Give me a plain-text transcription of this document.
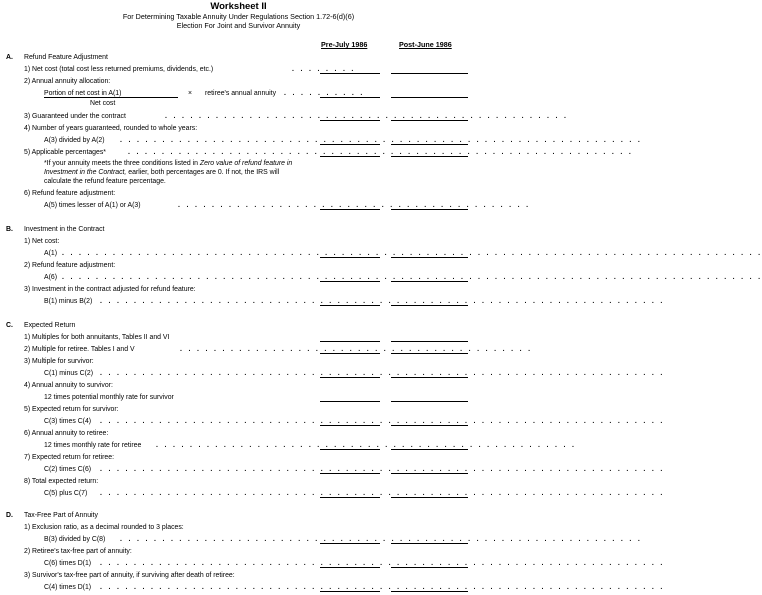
Worksheet II
For Determining Taxable Annuity Under Regulations Section 1.72-6(d)(6)
Election For Joint and Survivor Annuity
Pre-July 1986	Post-June 1986
A. Refund Feature Adjustment
1) Net cost (total cost less returned premiums, dividends, etc.)	. . . . . . . .
2) Annual annuity allocation:
Portion of net cost in A(1)	× retiree's annual annuity . . . . . . . . . .
Net cost
3) Guaranteed under the contract	. . . . . . . . . . . . . . . . . . . . . . . . . . . . . . . . . . . . . . . . . . . . . . . .
4) Number of years guaranteed, rounded to whole years:
A(3) divided by A(2) . . . . . . . . . . . . . . . . . . . . . . . . . . . . . . . . . . . . . . . . . . . . . . . . . . . . . . . . . . . . . .
5) Applicable percentages*	. . . . . . . . . . . . . . . . . . . . . . . . . . . . . . . . . . . . . . . . . . . . . . . . . . . . . . . . . . . .
*If your annuity meets the three conditions listed in Zero value of refund feature in
Investment in the Contract, earlier, both percentages are 0. If not, the IRS will
calculate the refund feature percentage.
6) Refund feature adjustment:
A(5) times lesser of A(1) or A(3)	. . . . . . . . . . . . . . . . . . . . . . . . . . . . . . . . . . . . . . . . . .
B. Investment in the Contract
1) Net cost:
A(1) . . . . . . . . . . . . . . . . . . . . . . . . . . . . . . . . . . . . . . . . . . . . . . . . . . . . . . . . . . . . . . . . . . . . . . . . . . . . . . . . . . .
2) Refund feature adjustment:
A(6) . . . . . . . . . . . . . . . . . . . . . . . . . . . . . . . . . . . . . . . . . . . . . . . . . . . . . . . . . . . . . . . . . . . . . . . . . . . . . . . . . . .
3) Investment in the contract adjusted for refund feature:
B(1) minus B(2) . . . . . . . . . . . . . . . . . . . . . . . . . . . . . . . . . . . . . . . . . . . . . . . . . . . . . . . . . . . . . . . . . . .
C. Expected Return
1) Multiples for both annuitants, Tables II and VI
2) Multiple for retiree. Tables I and V	. . . . . . . . . . . . . . . . . . . . . . . . . . . . . . . . . . . . . . . . . .
3) Multiple for survivor:
C(1) minus C(2) . . . . . . . . . . . . . . . . . . . . . . . . . . . . . . . . . . . . . . . . . . . . . . . . . . . . . . . . . . . . . . . . . . .
4) Annual annuity to survivor:
12 times potential monthly rate for survivor
5) Expected return for survivor:
C(3) times C(4) . . . . . . . . . . . . . . . . . . . . . . . . . . . . . . . . . . . . . . . . . . . . . . . . . . . . . . . . . . . . . . . . . . .
6) Annual annuity to retiree:
12 times monthly rate for retiree . . . . . . . . . . . . . . . . . . . . . . . . . . . . . . . . . . . . . . . . . . . . . . . . . .
7) Expected return for retiree:
C(2) times C(6) . . . . . . . . . . . . . . . . . . . . . . . . . . . . . . . . . . . . . . . . . . . . . . . . . . . . . . . . . . . . . . . . . . .
8) Total expected return:
C(5) plus C(7) . . . . . . . . . . . . . . . . . . . . . . . . . . . . . . . . . . . . . . . . . . . . . . . . . . . . . . . . . . . . . . . . . . .
D. Tax-Free Part of Annuity
1) Exclusion ratio, as a decimal rounded to 3 places:
B(3) divided by C(8) . . . . . . . . . . . . . . . . . . . . . . . . . . . . . . . . . . . . . . . . . . . . . . . . . . . . . . . . . . . . . .
2) Retiree's tax-free part of annuity:
C(6) times D(1) . . . . . . . . . . . . . . . . . . . . . . . . . . . . . . . . . . . . . . . . . . . . . . . . . . . . . . . . . . . . . . . . . . .
3) Survivor's tax-free part of annuity, if surviving after death of retiree:
C(4) times D(1) . . . . . . . . . . . . . . . . . . . . . . . . . . . . . . . . . . . . . . . . . . . . . . . . . . . . . . . . . . . . . . . . . . .
